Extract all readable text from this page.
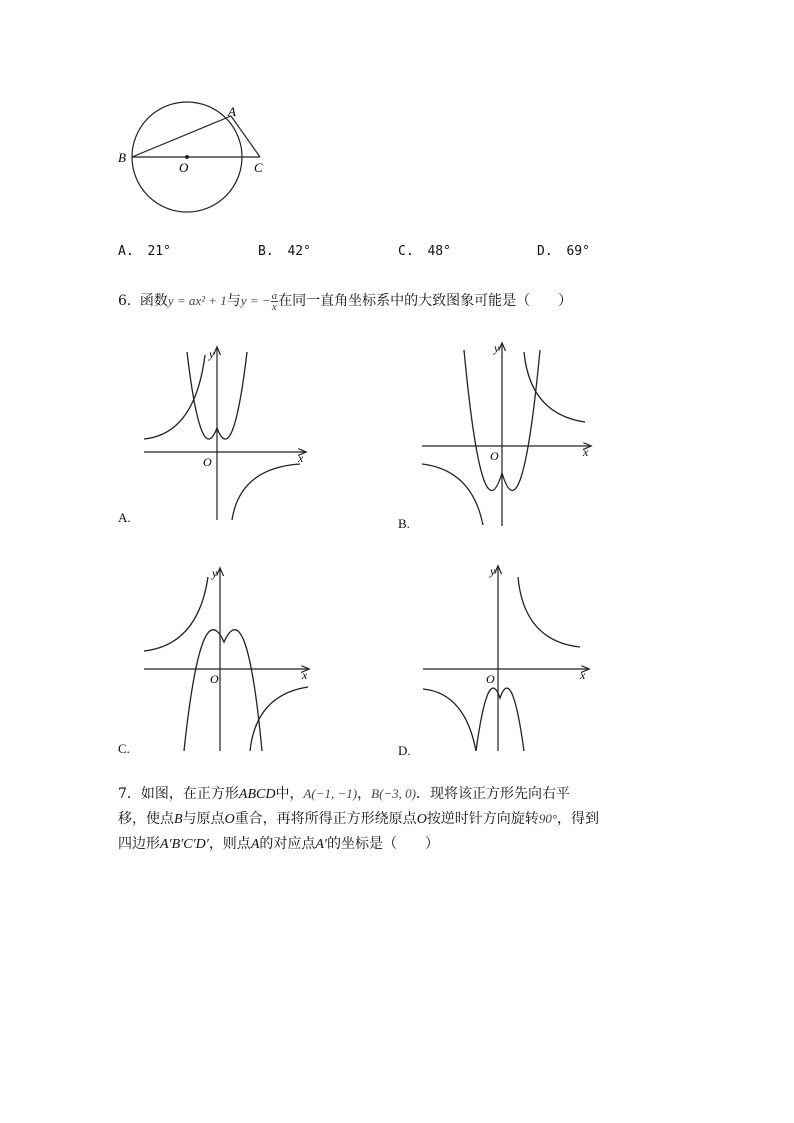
A
B
O	C
A. 21°	B. 42°	C. 48°	D. 69°
6. 函数y = ax² + 1与y = − $\frac{a}{x}$ 在同一直角坐标系中的大致图象可能是（　　）
y
x
O
A.
y
x
O
B.
y
x
O
C.
y
x
O
D.
7．如图，在正方形ABCD中，A(−1, −1)，B(−3, 0)．现将该正方形先向右平
移，使点B与原点O重合，再将所得正方形绕原点O按逆时针方向旋转90°，得到
四边形A′B′C′D′，则点A的对应点A′的坐标是（　　）
